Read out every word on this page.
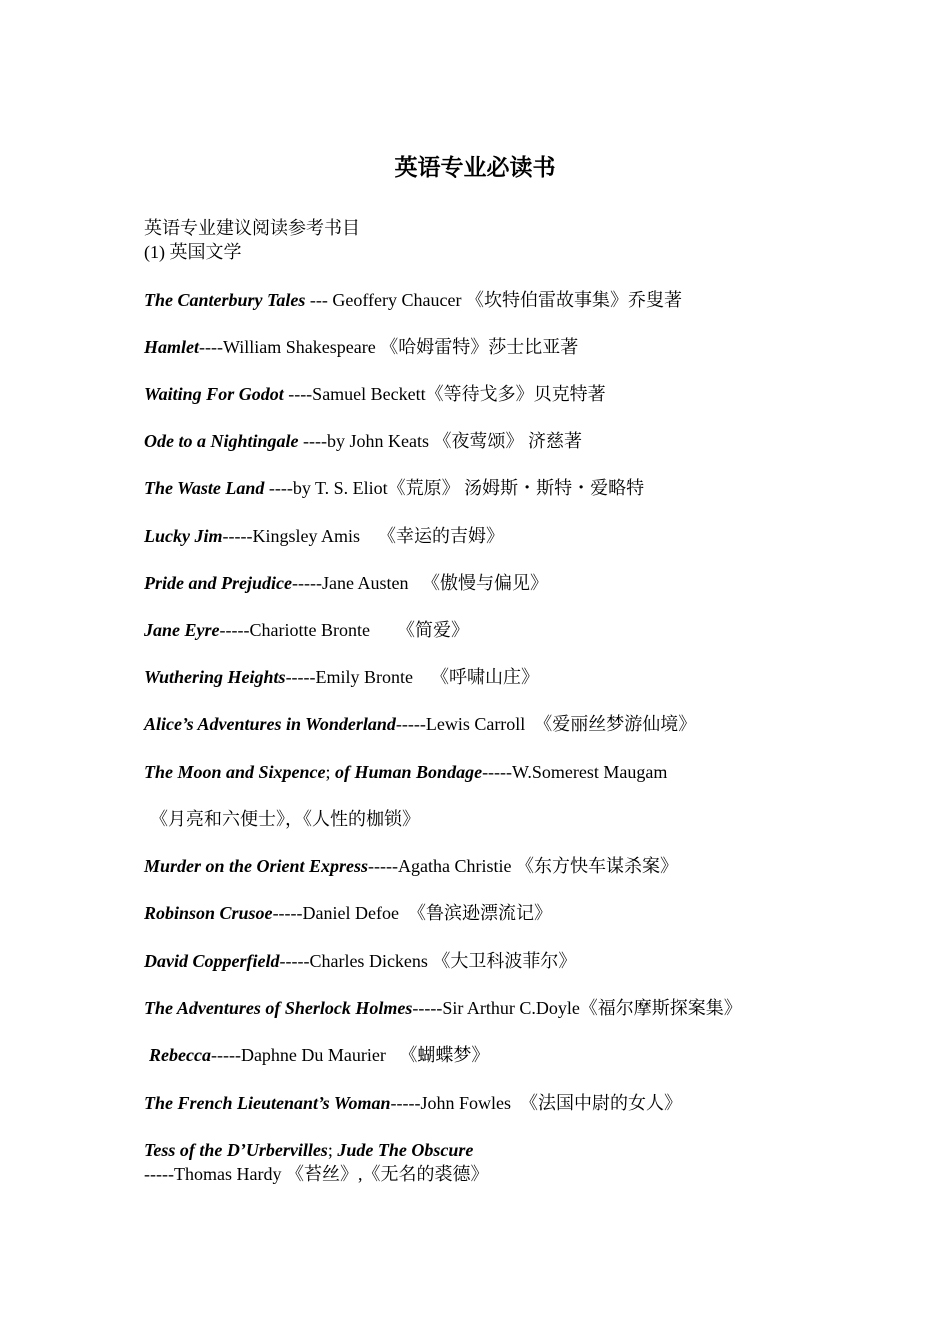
英语专业必读书
英语专业建议阅读参考书目
(1) 英国文学
The Canterbury Tales --- Geoffery Chaucer 《坎特伯雷故事集》乔叟著
Hamlet----William Shakespeare 《哈姆雷特》莎士比亚著
Waiting For Godot ----Samuel Beckett《等待戈多》贝克特著
Ode to a Nightingale ----by John Keats 《夜莺颂》 济慈著
The Waste Land ----by T. S. Eliot《荒原》 汤姆斯・斯特・爱略特
Lucky Jim-----Kingsley Amis    《幸运的吉姆》
Pride and Prejudice-----Jane Austen   《傲慢与偏见》
Jane Eyre-----Chariotte Bronte      《简爱》
Wuthering Heights-----Emily Bronte    《呼啸山庄》
Alice’s Adventures in Wonderland-----Lewis Carroll  《爱丽丝梦游仙境》
The Moon and Sixpence; of Human Bondage-----W.Somerest Maugam
《月亮和六便士》，《人性的枷锁》
Murder on the Orient Express-----Agatha Christie 《东方快车谋杀案》
Robinson Crusoe-----Daniel Defoe  《鲁滨逊漂流记》
David Copperfield-----Charles Dickens 《大卫科波菲尔》
The Adventures of Sherlock Holmes-----Sir Arthur C.Doyle《福尔摩斯探案集》
Rebecca-----Daphne Du Maurier   《蝴蝶梦》
The French Lieutenant’s Woman-----John Fowles  《法国中尉的女人》
Tess of the D’Urbervilles; Jude The Obscure -----Thomas Hardy 《苔丝》,《无名的裘德》
